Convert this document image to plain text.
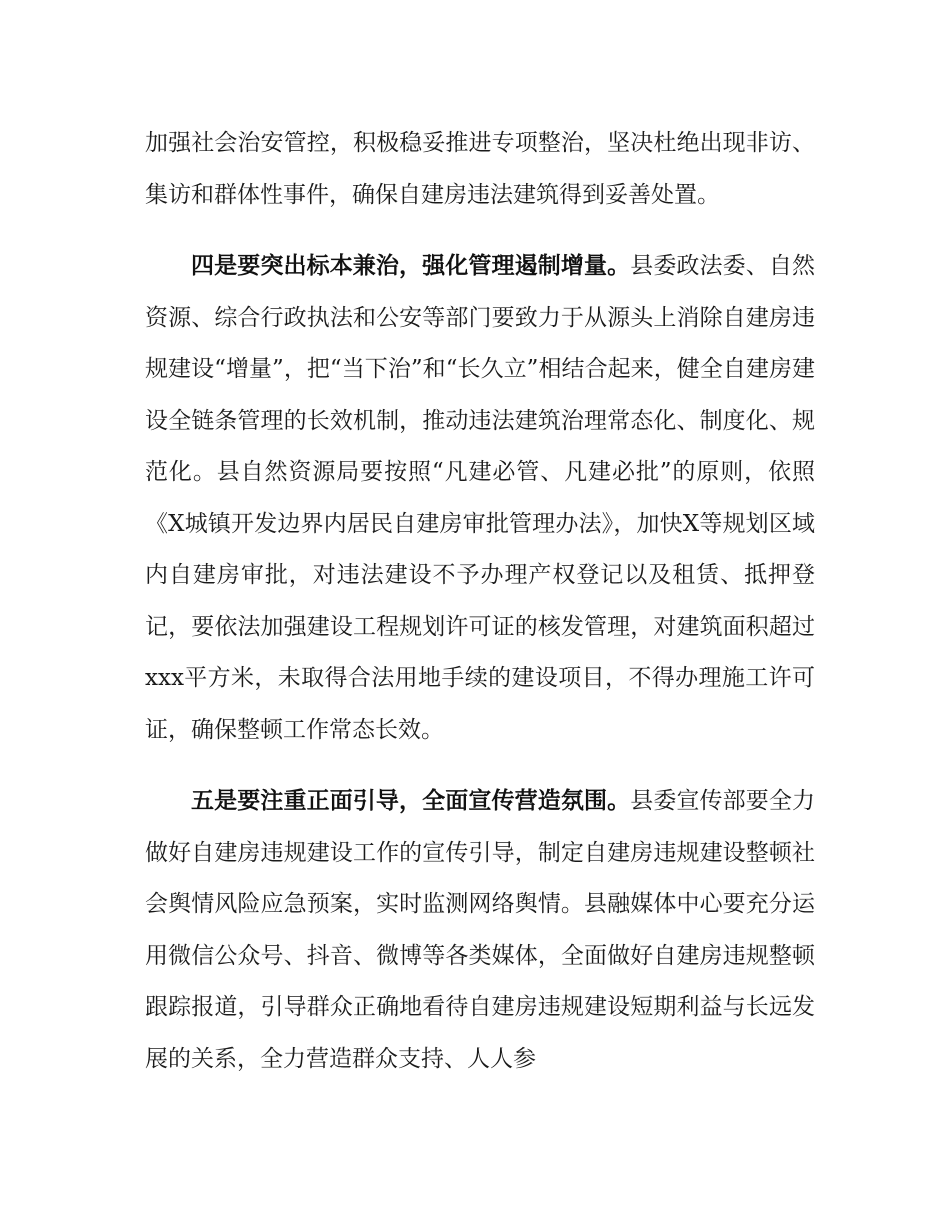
加强社会治安管控，积极稳妥推进专项整治，坚决杜绝出现非访、集访和群体性事件，确保自建房违法建筑得到妥善处置。

四是要突出标本兼治，强化管理遏制增量。县委政法委、自然资源、综合行政执法和公安等部门要致力于从源头上消除自建房违规建设“增量”，把“当下治”和“长久立”相结合起来，健全自建房建设全链条管理的长效机制，推动违法建筑治理常态化、制度化、规范化。县自然资源局要按照“凡建必管、凡建必批”的原则，依照《X城镇开发边界内居民自建房审批管理办法》，加快X等规划区域内自建房审批，对违法建设不予办理产权登记以及租赁、抵押登记，要依法加强建设工程规划许可证的核发管理，对建筑面积超过xxx平方米，未取得合法用地手续的建设项目，不得办理施工许可证，确保整顿工作常态长效。

五是要注重正面引导，全面宣传营造氛围。县委宣传部要全力做好自建房违规建设工作的宣传引导，制定自建房违规建设整顿社会舆情风险应急预案，实时监测网络舆情。县融媒体中心要充分运用微信公众号、抖音、微博等各类媒体，全面做好自建房违规整顿跟踪报道，引导群众正确地看待自建房违规建设短期利益与长远发展的关系，全力营造群众支持、人人参
